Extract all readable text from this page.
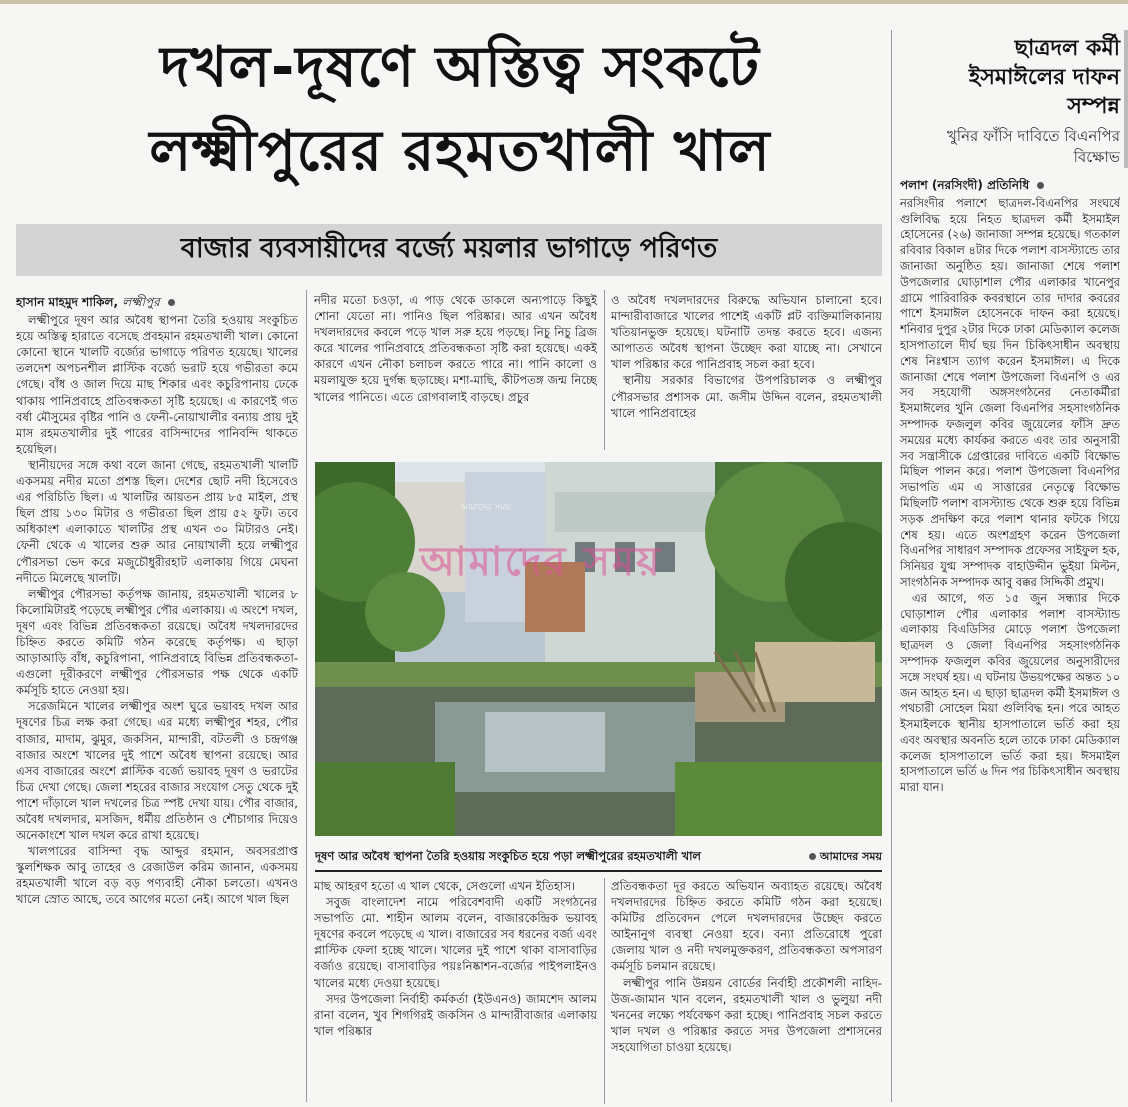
দখল-দূষণে অস্তিত্ব সংকটে
লক্ষ্মীপুরের রহমতখালী খাল
বাজার ব্যবসায়ীদের বর্জ্যে ময়লার ভাগাড়ে পরিণত
হাসান মাহমুদ শাকিল, লক্ষ্মীপুর

লক্ষ্মীপুরে দূষণ আর অবৈধ স্থাপনা তৈরি হওয়ায় সংকুচিত হয়ে অস্তিত্ব হারাতে বসেছে প্রবহমান রহমতখালী খাল। কোনো কোনো স্থানে খালটি বর্জ্যের ভাগাড়ে পরিণত হয়েছে। খালের তলদেশ অপচনশীল প্লাস্টিক বর্জ্যে ভরাট হয়ে গভীরতা কমে গেছে। বাঁধ ও জাল দিয়ে মাছ শিকার এবং কচুরিপানায় ঢেকে থাকায় পানিপ্রবাহে প্রতিবন্ধকতা সৃষ্টি হয়েছে। এ কারণেই গত বর্ষা মৌসুমের বৃষ্টির পানি ও ফেনী-নোয়াখালীর বন্যায় প্রায় দুই মাস রহমতখালীর দুই পারের বাসিন্দাদের পানিবন্দি থাকতে হয়েছিল।

স্থানীয়দের সঙ্গে কথা বলে জানা গেছে, রহমতখালী খালটি একসময় নদীর মতো প্রশস্ত ছিল। দেশের ছোট নদী হিসেবেও এর পরিচিতি ছিল। এ খালটির আয়তন প্রায় ৮৫ মাইল, প্রস্থ ছিল প্রায় ১৩০ মিটার ও গভীরতা ছিল প্রায় ৫২ ফুট। তবে অধিকাংশ এলাকাতে খালটির প্রস্থ এখন ৩০ মিটারও নেই। ফেনী থেকে এ খালের শুরু আর নোয়াখালী হয়ে লক্ষ্মীপুর পৌরসভা ভেদ করে মজুচৌধুরীরহাট এলাকায় গিয়ে মেঘনা নদীতে মিলেছে খালটি।

লক্ষ্মীপুর পৌরসভা কর্তৃপক্ষ জানায়, রহমতখালী খালের ৮ কিলোমিটারই পড়েছে লক্ষ্মীপুর পৌর এলাকায়। এ অংশে দখল, দূষণ এবং বিভিন্ন প্রতিবন্ধকতা রয়েছে। অবৈধ দখলদারদের চিহ্নিত করতে কমিটি গঠন করেছে কর্তৃপক্ষ। এ ছাড়া আড়াআড়ি বাঁধ, কচুরিপানা, পানিপ্রবাহে বিভিন্ন প্রতিবন্ধকতা- এগুলো দূরীকরণে লক্ষ্মীপুর পৌরসভার পক্ষ থেকে একটি কর্মসূচি হাতে নেওয়া হয়।

সরেজমিনে খালের লক্ষ্মীপুর অংশ ঘুরে ভয়াবহ দখল আর দূষণের চিত্র লক্ষ করা গেছে। এর মধ্যে লক্ষ্মীপুর শহর, পৌর বাজার, মাদাম, ঝুমুর, জকসিন, মান্দারী, বটতলী ও চন্দ্রগঞ্জ বাজার অংশে খালের দুই পাশে অবৈধ স্থাপনা রয়েছে। আর এসব বাজারের অংশে প্লাস্টিক বর্জ্যে ভয়াবহ দূষণ ও ভরাটের চিত্র দেখা গেছে। জেলা শহরের বাজার সংযোগ সেতু থেকে দুই পাশে দাঁড়ালে খাল দখলের চিত্র স্পষ্ট দেখা যায়। পৌর বাজার, অবৈধ দখলদার, মসজিদ, ধর্মীয় প্রতিষ্ঠান ও শৌচাগার দিয়েও অনেকাংশে খাল দখল করে রাখা হয়েছে।

খালপারের বাসিন্দা বৃদ্ধ আব্দুর রহমান, অবসরপ্রাপ্ত স্কুলশিক্ষক আবু তাহের ও রেজাউল করিম জানান, একসময় রহমতখালী খালে বড় বড় পণ্যবাহী নৌকা চলতো। এখনও খালে স্রোত আছে, তবে আগের মতো নেই। আগে খাল ছিল

নদীর মতো চওড়া, এ পাড় থেকে ডাকলে অন্যপাড়ে কিছুই শোনা যেতো না। পানিও ছিল পরিষ্কার। আর এখন অবৈধ দখলদারদের কবলে পড়ে খাল সরু হয়ে পড়ছে। নিচু নিচু ব্রিজ করে খালের পানিপ্রবাহে প্রতিবন্ধকতা সৃষ্টি করা হয়েছে। একই কারণে এখন নৌকা চলাচল করতে পারে না। পানি কালো ও ময়লাযুক্ত হয়ে দুর্গন্ধ ছড়াচ্ছে। মশা-মাছি, কীটপতঙ্গ জন্ম নিচ্ছে খালের পানিতে। এতে রোগবালাই বাড়ছে। প্রচুর

ও অবৈধ দখলদারদের বিরুদ্ধে অভিযান চালানো হবে। মান্দারীবাজারে খালের পাশেই একটি প্লট ব্যক্তিমালিকানায় খতিয়ানভুক্ত হয়েছে। ঘটনাটি তদন্ত করতে হবে। এজন্য আপাতত অবৈধ স্থাপনা উচ্ছেদ করা যাচ্ছে না। সেখানে খাল পরিষ্কার করে পানিপ্রবাহ সচল করা হবে।

স্থানীয় সরকার বিভাগের উপপরিচালক ও লক্ষ্মীপুর পৌরসভার প্রশাসক মো. জসীম উদ্দিন বলেন, রহমতখালী খালে পানিপ্রবাহের

আমাদের সময়
আমাদের সময়
দূষণ আর অবৈধ স্থাপনা তৈরি হওয়ায় সংকুচিত হয়ে পড়া লক্ষ্মীপুরের রহমতখালী খাল	আমাদের সময়

মাছ আহরণ হতো এ খাল থেকে, সেগুলো এখন ইতিহাস।

সবুজ বাংলাদেশ নামে পরিবেশবাদী একটি সংগঠনের সভাপতি মো. শাহীন আলম বলেন, বাজারকেন্দ্রিক ভয়াবহ দূষণের কবলে পড়েছে এ খাল। বাজারের সব ধরনের বর্জ্য এবং প্লাস্টিক ফেলা হচ্ছে খালে। খালের দুই পাশে থাকা বাসাবাড়ির বর্জ্যও রয়েছে। বাসাবাড়ির পয়ঃনিষ্কাশন-বর্জ্যের পাইপলাইনও খালের মধ্যে দেওয়া হয়েছে।

সদর উপজেলা নির্বাহী কর্মকর্তা (ইউএনও) জামশেদ আলম রানা বলেন, খুব শিগগিরই জকসিন ও মান্দারীবাজার এলাকায় খাল পরিষ্কার

প্রতিবন্ধকতা দূর করতে অভিযান অব্যাহত রয়েছে। অবৈধ দখলদারদের চিহ্নিত করতে কমিটি গঠন করা হয়েছে। কমিটির প্রতিবেদন পেলে দখলদারদের উচ্ছেদ করতে আইনানুগ ব্যবস্থা নেওয়া হবে। বন্যা প্রতিরোধে পুরো জেলায় খাল ও নদী দখলমুক্তকরণ, প্রতিবন্ধকতা অপসারণ কর্মসূচি চলমান রয়েছে।

লক্ষ্মীপুর পানি উন্নয়ন বোর্ডের নির্বাহী প্রকৌশলী নাহিদ-উজ-জামান খান বলেন, রহমতখালী খাল ও ভুলুয়া নদী খননের লক্ষ্যে পর্যবেক্ষণ করা হচ্ছে। পানিপ্রবাহ সচল করতে খাল দখল ও পরিষ্কার করতে সদর উপজেলা প্রশাসনের সহযোগিতা চাওয়া হয়েছে।

ছাত্রদল কর্মী ইসমাঈলের দাফন সম্পন্ন
খুনির ফাঁসি দাবিতে বিএনপির বিক্ষোভ
পলাশ (নরসিংদী) প্রতিনিধি

নরসিংদীর পলাশে ছাত্রদল-বিএনপির সংঘর্ষে গুলিবিদ্ধ হয়ে নিহত ছাত্রদল কর্মী ইসমাইল হোসেনের (২৬) জানাজা সম্পন্ন হয়েছে। গতকাল রবিবার বিকাল ৪টার দিকে পলাশ বাসস্ট্যান্ডে তার জানাজা অনুষ্ঠিত হয়। জানাজা শেষে পলাশ উপজেলার ঘোড়াশাল পৌর এলাকার খানেপুর গ্রামে পারিবারিক কবরস্থানে তার দাদার কবরের পাশে ইসমাঈল হোসেনকে দাফন করা হয়েছে। শনিবার দুপুর ২টার দিকে ঢাকা মেডিক্যাল কলেজ হাসপাতালে দীর্ঘ ছয় দিন চিকিৎসাধীন অবস্থায় শেষ নিঃশ্বাস ত্যাগ করেন ইসমাঈল। এ দিকে জানাজা শেষে পলাশ উপজেলা বিএনপি ও এর সব সহযোগী অঙ্গসংগঠনের নেতাকর্মীরা ইসমাঈলের খুনি জেলা বিএনপির সহসাংগঠনিক সম্পাদক ফজলুল কবির জুয়েলের ফাঁসি দ্রুত সময়ের মধ্যে কার্যকর করতে এবং তার অনুসারী সব সন্ত্রাসীকে গ্রেপ্তারের দাবিতে একটি বিক্ষোভ মিছিল পালন করে। পলাশ উপজেলা বিএনপির সভাপতি এম এ সাত্তারের নেতৃত্বে বিক্ষোভ মিছিলটি পলাশ বাসস্ট্যান্ড থেকে শুরু হয়ে বিভিন্ন সড়ক প্রদক্ষিণ করে পলাশ থানার ফটকে গিয়ে শেষ হয়। এতে অংশগ্রহণ করেন উপজেলা বিএনপির সাধারণ সম্পাদক প্রফেসর সাইফুল হক, সিনিয়র যুগ্ম সম্পাদক বাহাউদ্দীন ভুইয়া মিল্টন, সাংগঠনিক সম্পাদক আবু বক্কর সিদ্দিকী প্রমুখ।

এর আগে, গত ১৫ জুন সন্ধ্যার দিকে ঘোড়াশাল পৌর এলাকার পলাশ বাসস্ট্যান্ড এলাকায় বিএডিসির মোড়ে পলাশ উপজেলা ছাত্রদল ও জেলা বিএনপির সহসাংগঠনিক সম্পাদক ফজলুল কবির জুয়েলের অনুসারীদের সঙ্গে সংঘর্ষ হয়। এ ঘটনায় উভয়পক্ষের অন্তত ১০ জন আহত হন। এ ছাড়া ছাত্রদল কর্মী ইসমাঈল ও পথচারী সোহেল মিয়া গুলিবিদ্ধ হন। পরে আহত ইসমাইলকে স্থানীয় হাসপাতালে ভর্তি করা হয় এবং অবস্থার অবনতি হলে তাকে ঢাকা মেডিক্যাল কলেজ হাসপাতালে ভর্তি করা হয়। ঈসমাইল হাসপাতালে ভর্তি ৬ দিন পর চিকিৎসাধীন অবস্থায় মারা যান।
